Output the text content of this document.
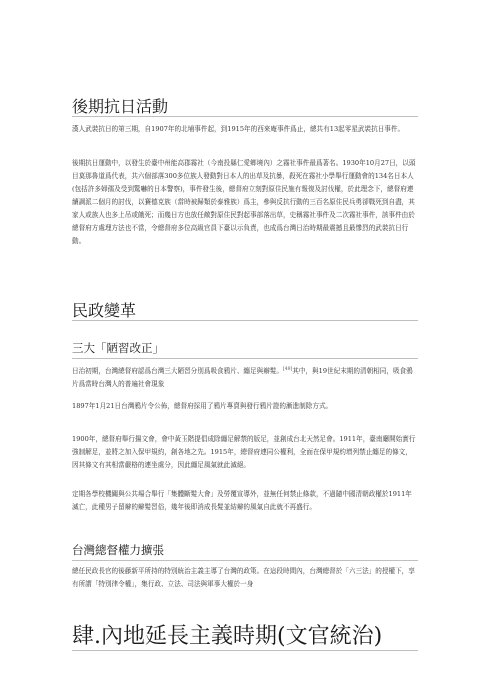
後期抗日活動

漢人武裝抗日的第三期，自1907年的北埔事件起，到1915年的西來庵事件爲止，總共有13起零星武裝抗日事件。

後期抗日運動中，以發生於臺中州能高郡霧社（今南投縣仁愛鄉境內）之霧社事件最爲著名。1930年10月27日，以頭目莫那魯道爲代表，共六個部落300多位族人發動對日本人的出草及抗暴，殺死在霧社小學舉行運動會的134名日本人(包括許多婦孺及受到驚嚇的日本警察)，事件發生後，總督府立刻對原住民施有報復及討伐權，於此理念下，總督府連續調派二個月的討伐，以賽德克族（當時被歸類於泰雅族）爲主，參與反抗行動的三百名原住民兵勇卻戰死到自盡，其家人或族人也多上吊或餓死；而幾日方也放任敵對原住民對起事部落出草，史稱霧社事件及二次霧社事件，該事件由於總督府方處理方法也不當，令總督府多位高級官員下臺以示負責，也成爲台灣日治時期最震撼且最慘烈的武裝抗日行動。

民政變革
三大「陋習改正」

日治初期，台灣總督府認爲台灣三大陋習分別爲吸食鴉片、纏足與辮髮。[49]其中，與19世紀末期的清朝相同，吸食鴉片爲當時台灣人的普遍社會現象

1897年1月21日台灣鴉片令公佈，總督府採用了鴉片專賣與發行鴉片證的漸進制除方式。

1900年，總督府舉行揚文會，會中黃玉階提倡成除纏足解禁的版足，並創成台北天然足會。1911年，臺南廳開始實行強制解足，並將之加入保甲規約，創各地之先。1915年，總督府連同公權利，全面在保甲規約增列禁止纏足的條文，因其條文有其相當嚴格的連坐處分，因此纏足風氣就此滅絕。

定期各學校機關與公共場合舉行「集體斷髮大會」及勞覆宣導外，並無任何禁止條款，不過隨中國清朝政權於1911年滅亡，此種男子留辮的辮髮習俗，幾年後即消成長髮並結辮的風氣自此就不再盛行。

台灣總督權力擴張

總任民政長官的後藤新平所持的特別統治主義主導了台灣的政策。在這段時間內，台灣總督於「六三法」的授權下，享有所謂「特別律令權」，集行政、立法、司法與軍事大權於一身

肆.內地延長主義時期(文官統治)
